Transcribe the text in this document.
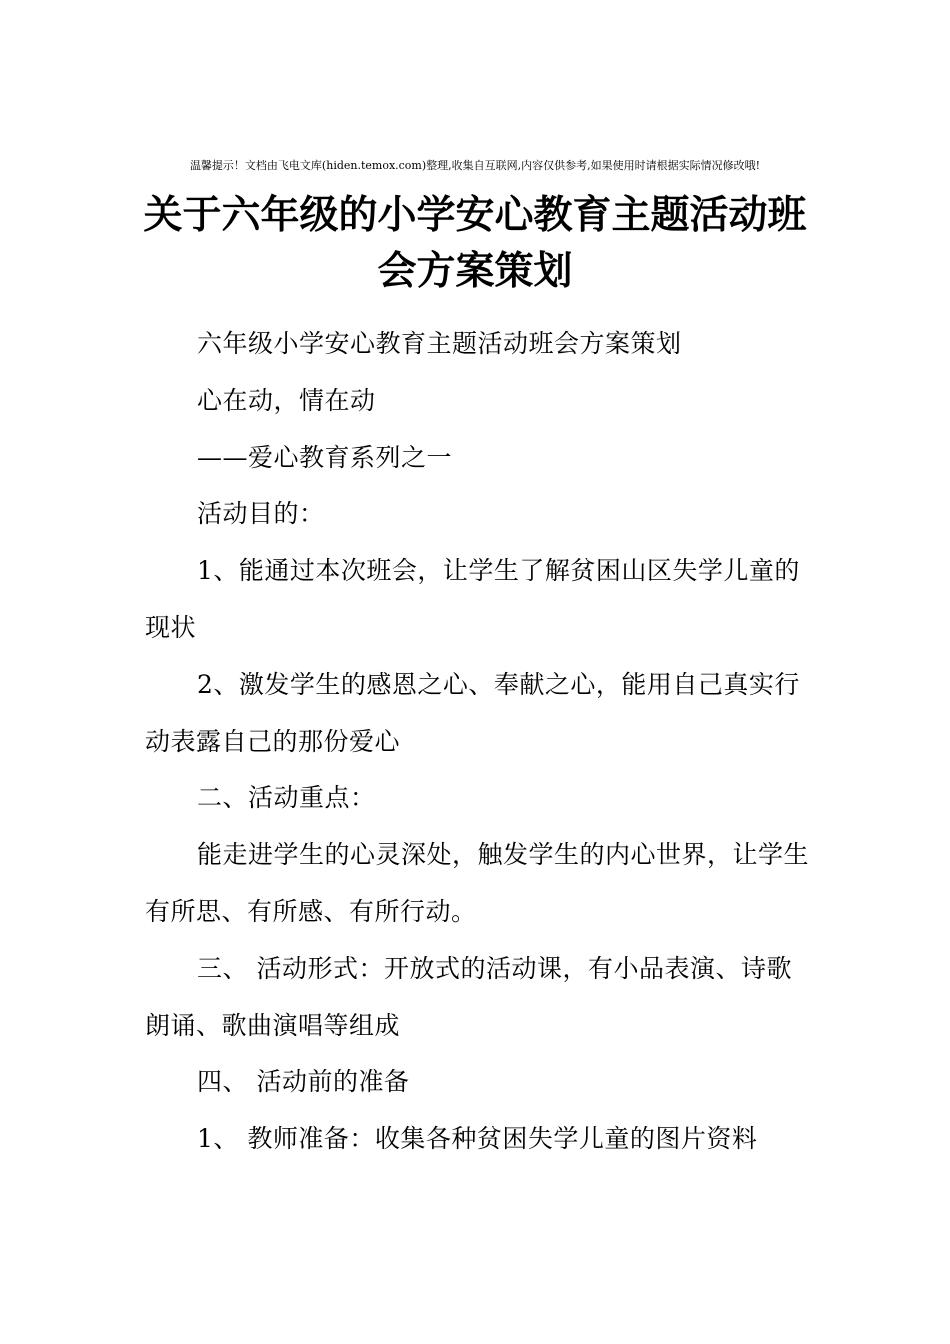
温馨提示！文档由飞电文库(hiden.temox.com)整理,收集自互联网,内容仅供参考,如果使用时请根据实际情况修改哦!
关于六年级的小学安心教育主题活动班会方案策划

六年级小学安心教育主题活动班会方案策划

心在动，情在动

——爱心教育系列之一

活动目的：

1、能通过本次班会，让学生了解贫困山区失学儿童的现状

2、激发学生的感恩之心、奉献之心，能用自己真实行动表露自己的那份爱心

二、活动重点：

能走进学生的心灵深处，触发学生的内心世界，让学生有所思、有所感、有所行动。

三、 活动形式：开放式的活动课，有小品表演、诗歌朗诵、歌曲演唱等组成

四、 活动前的准备

1、 教师准备：收集各种贫困失学儿童的图片资料
